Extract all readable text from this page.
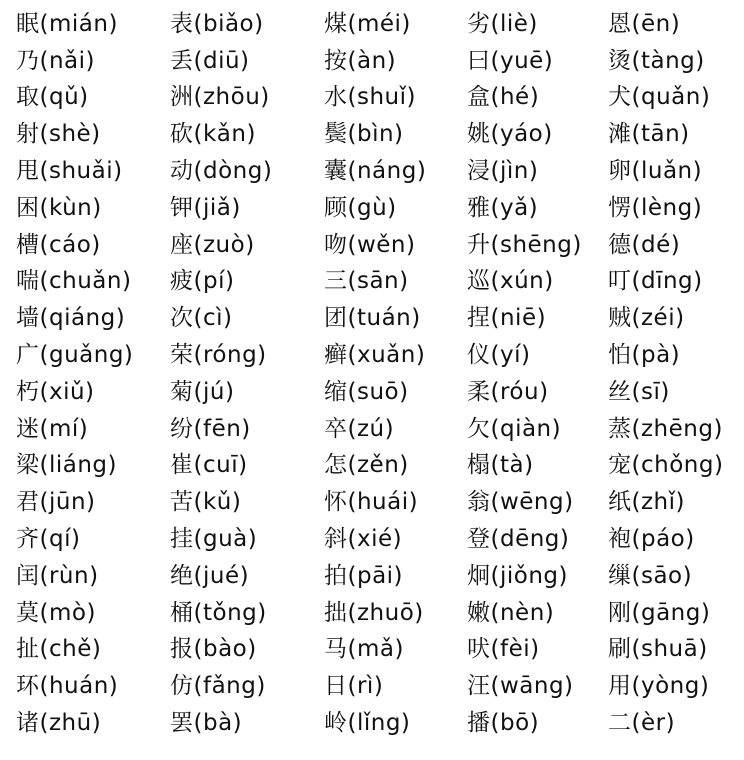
眠(mián)	表(biǎo)	煤(méi)	劣(liè)	恩(ēn)
乃(nǎi)	丢(diū)	按(àn)	曰(yuē)	烫(tàng)
取(qǔ)	洲(zhōu)	水(shuǐ)	盒(hé)	犬(quǎn)
射(shè)	砍(kǎn)	鬓(bìn)	姚(yáo)	滩(tān)
甩(shuǎi)	动(dòng)	囊(náng)	浸(jìn)	卵(luǎn)
困(kùn)	钾(jiǎ)	顾(gù)	雅(yǎ)	愣(lèng)
槽(cáo)	座(zuò)	吻(wěn)	升(shēng)	德(dé)
喘(chuǎn)	疲(pí)	三(sān)	巡(xún)	叮(dīng)
墙(qiáng)	次(cì)	团(tuán)	捏(niē)	贼(zéi)
广(guǎng)	荣(róng)	癣(xuǎn)	仪(yí)	怕(pà)
朽(xiǔ)	菊(jú)	缩(suō)	柔(róu)	丝(sī)
迷(mí)	纷(fēn)	卒(zú)	欠(qiàn)	蒸(zhēng)
梁(liáng)	崔(cuī)	怎(zěn)	榻(tà)	宠(chǒng)
君(jūn)	苦(kǔ)	怀(huái)	翁(wēng)	纸(zhǐ)
齐(qí)	挂(guà)	斜(xié)	登(dēng)	袍(páo)
闰(rùn)	绝(jué)	拍(pāi)	炯(jiǒng)	缫(sāo)
莫(mò)	桶(tǒng)	拙(zhuō)	嫩(nèn)	刚(gāng)
扯(chě)	报(bào)	马(mǎ)	吠(fèi)	刷(shuā)
环(huán)	仿(fǎng)	日(rì)	汪(wāng)	用(yòng)
诸(zhū)	罢(bà)	岭(lǐng)	播(bō)	二(èr)
